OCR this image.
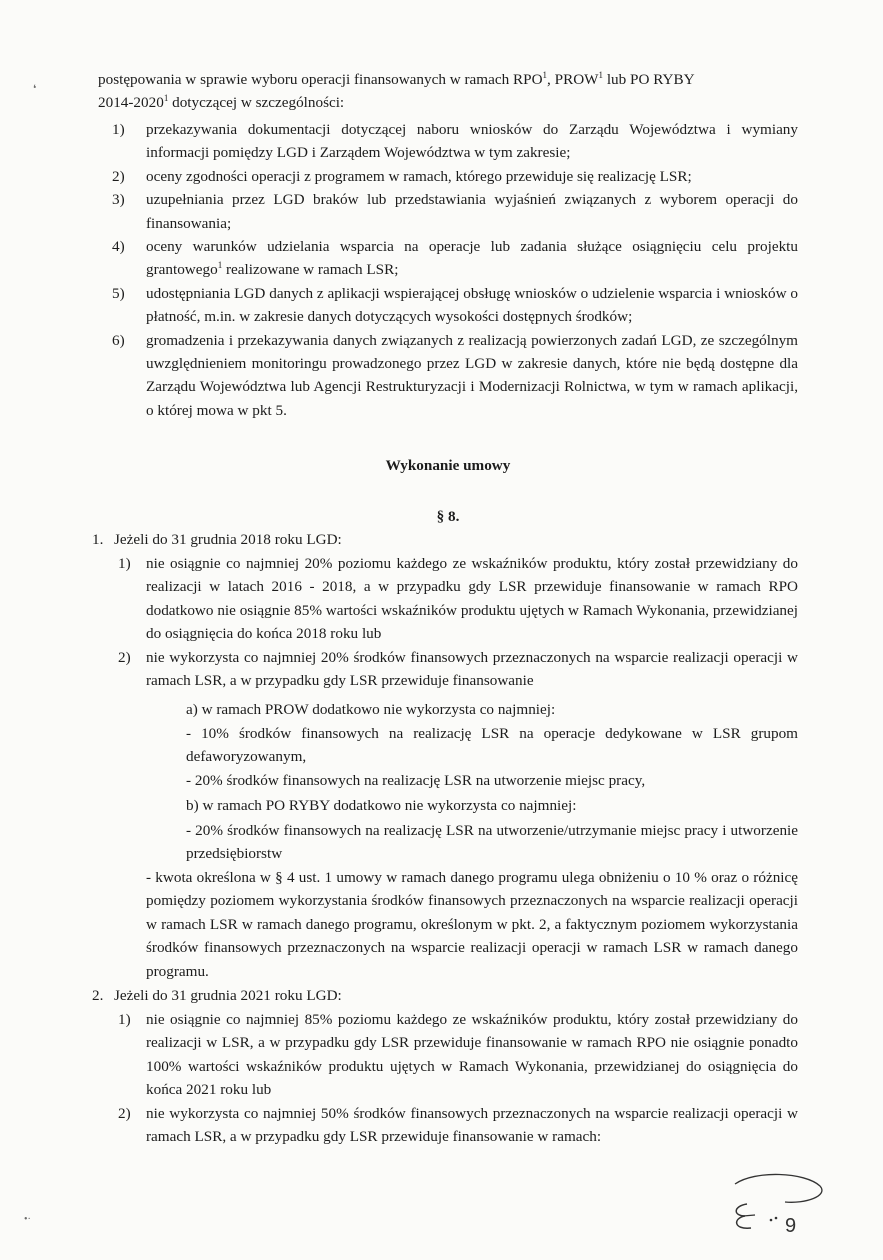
postępowania w sprawie wyboru operacji finansowanych w ramach RPO$^1$, PROW$^1$ lub PO RYBY

2014-2020$^1$ dotyczącej w szczególności:

1)	przekazywania dokumentacji dotyczącej naboru wniosków do Zarządu Województwa i wymiany informacji pomiędzy LGD i Zarządem Województwa w tym zakresie;
2)	oceny zgodności operacji z programem w ramach, którego przewiduje się realizację LSR;
3)	uzupełniania przez LGD braków lub przedstawiania wyjaśnień związanych z wyborem operacji do finansowania;
4)	oceny warunków udzielania wsparcia na operacje lub zadania służące osiągnięciu celu projektu grantowego$^1$ realizowane w ramach LSR;
5)	udostępniania LGD danych z aplikacji wspierającej obsługę wniosków o udzielenie wsparcia i wniosków o płatność, m.in. w zakresie danych dotyczących wysokości dostępnych środków;
6)	gromadzenia i przekazywania danych związanych z realizacją powierzonych zadań LGD, ze szczególnym uwzględnieniem monitoringu prowadzonego przez LGD w zakresie danych, które nie będą dostępne dla Zarządu Województwa lub Agencji Restrukturyzacji i Modernizacji Rolnictwa, w tym w ramach aplikacji, o której mowa w pkt 5.
Wykonanie umowy
§ 8.
1. Jeżeli do 31 grudnia 2018 roku LGD:
1)	nie osiągnie co najmniej 20% poziomu każdego ze wskaźników produktu, który został przewidziany do realizacji w latach 2016 - 2018, a w przypadku gdy LSR przewiduje finansowanie w ramach RPO dodatkowo nie osiągnie 85% wartości wskaźników produktu ujętych w Ramach Wykonania, przewidzianej do osiągnięcia do końca 2018 roku lub
2)	nie wykorzysta co najmniej 20% środków finansowych przeznaczonych na wsparcie realizacji operacji w ramach LSR, a w przypadku gdy LSR przewiduje finansowanie
a) w ramach PROW dodatkowo nie wykorzysta co najmniej:
- 10% środków finansowych na realizację LSR na operacje dedykowane w LSR grupom defaworyzowanym,
- 20% środków finansowych na realizację LSR na utworzenie miejsc pracy,
b) w ramach PO RYBY dodatkowo nie wykorzysta co najmniej:
- 20% środków finansowych na realizację LSR na utworzenie/utrzymanie miejsc pracy i utworzenie przedsiębiorstw
- kwota określona w § 4 ust. 1 umowy w ramach danego programu ulega obniżeniu o 10 % oraz o różnicę pomiędzy poziomem wykorzystania środków finansowych przeznaczonych na wsparcie realizacji operacji w ramach LSR w ramach danego programu, określonym w pkt. 2, a faktycznym poziomem wykorzystania środków finansowych przeznaczonych na wsparcie realizacji operacji w ramach LSR w ramach danego programu.
2. Jeżeli do 31 grudnia 2021 roku LGD:
1)	nie osiągnie co najmniej 85% poziomu każdego ze wskaźników produktu, który został przewidziany do realizacji w LSR, a w przypadku gdy LSR przewiduje finansowanie w ramach RPO nie osiągnie ponadto 100% wartości wskaźników produktu ujętych w Ramach Wykonania, przewidzianej do osiągnięcia do końca 2021 roku lub
2)	nie wykorzysta co najmniej 50% środków finansowych przeznaczonych na wsparcie realizacji operacji w ramach LSR, a w przypadku gdy LSR przewiduje finansowanie w ramach:
9
❛
•·
